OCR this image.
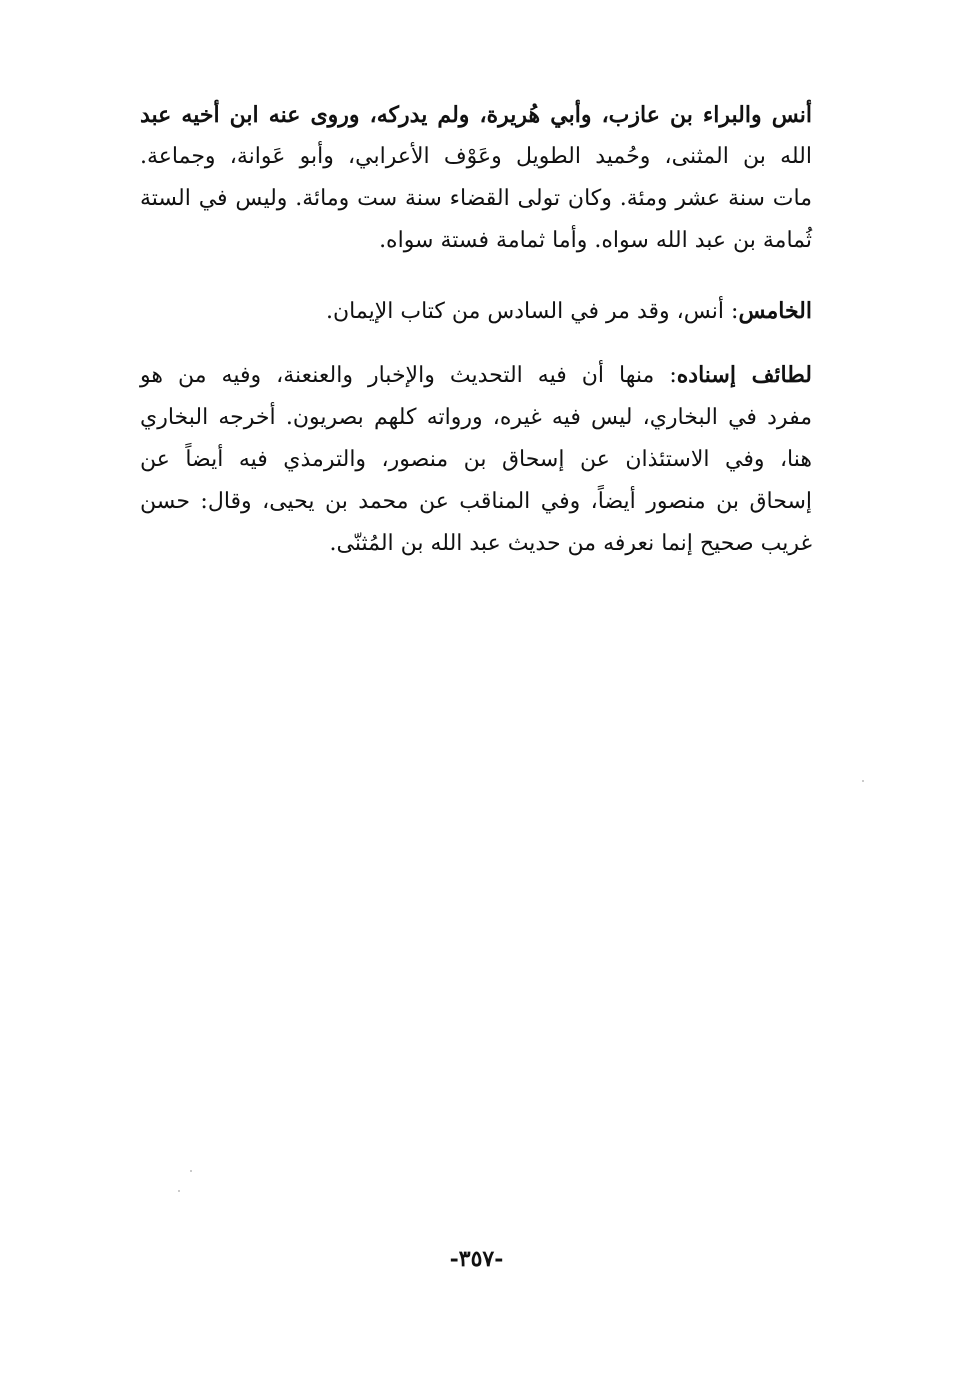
أنس والبراء بن عازب، وأبي هُريرة، ولم يدركه، وروى عنه ابن أخيه عبد
الله بن المثنى، وحُميد الطويل وعَوْف الأعرابي، وأبو عَوانة، وجماعة.
مات سنة عشر ومئة. وكان تولى القضاء سنة ست ومائة. وليس في الستة
ثُمامة بن عبد الله سواه. وأما ثمامة فستة سواه.
الخامس: أنس، وقد مر في السادس من كتاب الإيمان.
لطائف إسناده: منها أن فيه التحديث والإخبار والعنعنة، وفيه من هو
مفرد في البخاري، ليس فيه غيره، ورواته كلهم بصريون. أخرجه البخاري
هنا، وفي الاستئذان عن إسحاق بن منصور، والترمذي فيه أيضاً عن
إسحاق بن منصور أيضاً، وفي المناقب عن محمد بن يحيى، وقال: حسن
غريب صحيح إنما نعرفه من حديث عبد الله بن المُثنّى.
-٣٥٧-
